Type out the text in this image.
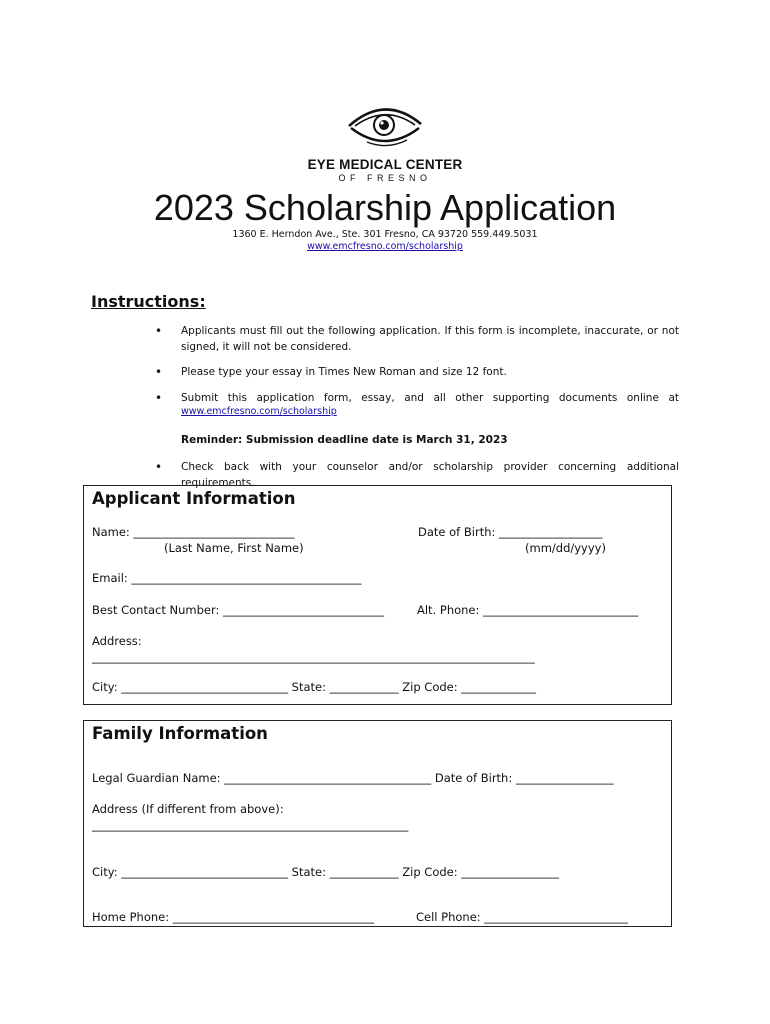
EYE MEDICAL CENTER
OF FRESNO
2023 Scholarship Application
1360 E. Herndon Ave., Ste. 301 Fresno, CA 93720 559.449.5031
www.emcfresno.com/scholarship
Instructions:
• Applicants must fill out the following application. If this form is incomplete, inaccurate, or not signed, it will not be considered.
• Please type your essay in Times New Roman and size 12 font.
• Submit this application form, essay, and all other supporting documents online at
www.emcfresno.com/scholarship
Reminder: Submission deadline date is March 31, 2023
• Check back with your counselor and/or scholarship provider concerning additional requirements.
Applicant Information
Name: ____________________________
(Last Name, First Name)
Date of Birth: __________________
(mm/dd/yyyy)
Email: ________________________________________
Best Contact Number: ____________________________	Alt. Phone: ___________________________
Address:
_____________________________________________________________________________
City: _____________________________ State: ____________ Zip Code: _____________
Family Information
Legal Guardian Name: ____________________________________ Date of Birth: _________________
Address (If different from above):
_______________________________________________________
City: _____________________________ State: ____________ Zip Code: _________________
Home Phone: ___________________________________	Cell Phone: _________________________
